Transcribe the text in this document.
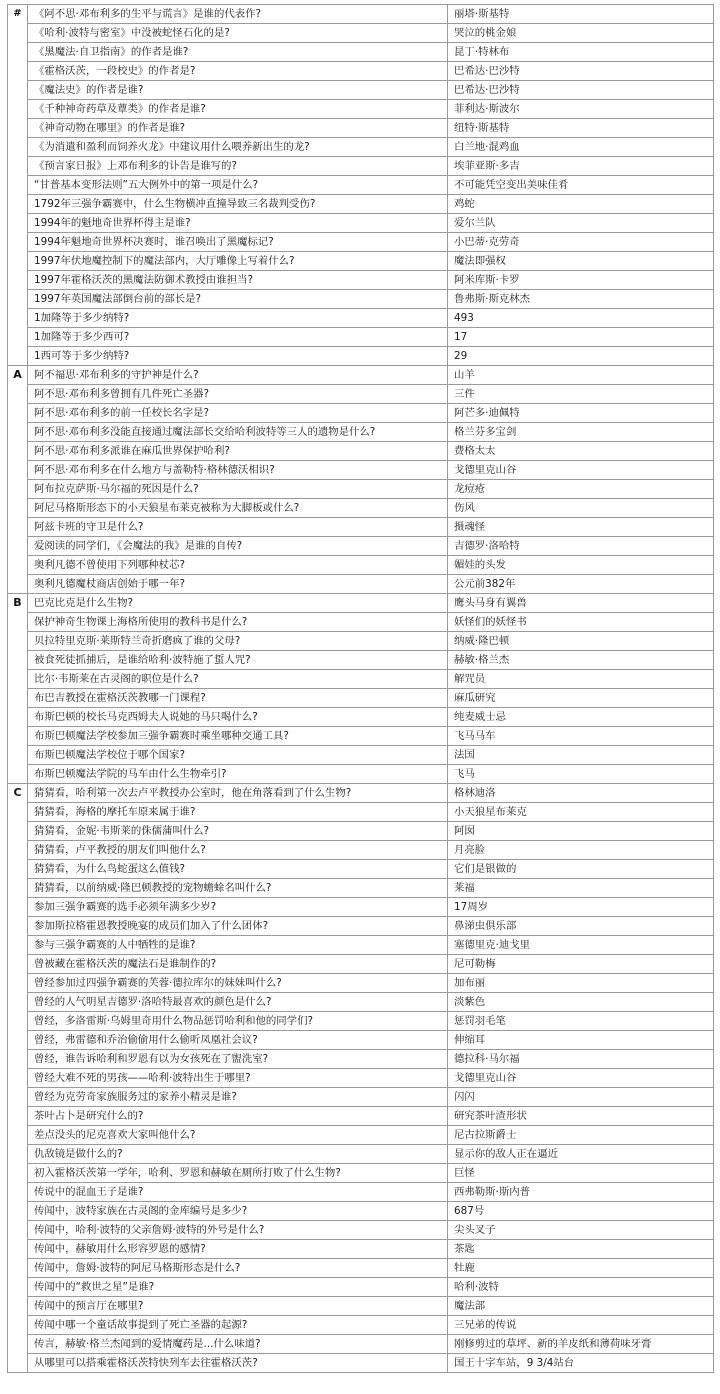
#	《阿不思·邓布利多的生平与谎言》是谁的代表作?	丽塔·斯基特
	《哈利·波特与密室》中没被蛇怪石化的是?	哭泣的桃金娘
	《黑魔法·自卫指南》的作者是谁?	昆丁·特林布
	《霍格沃茨，一段校史》的作者是?	巴希达·巴沙特
	《魔法史》的作者是谁?	巴希达·巴沙特
	《千种神奇药草及蕈类》的作者是谁?	菲利达·斯波尔
	《神奇动物在哪里》的作者是谁?	纽特·斯基特
	《为消遣和盈利而饲养火龙》中建议用什么喂养新出生的龙?	白兰地·混鸡血
	《预言家日报》上邓布利多的讣告是谁写的?	埃菲亚斯·多吉
	“甘普基本变形法则”五大例外中的第一项是什么?	不可能凭空变出美味佳肴
	1792年三强争霸赛中，什么生物横冲直撞导致三名裁判受伤?	鸡蛇
	1994年的魁地奇世界杯得主是谁?	爱尔兰队
	1994年魁地奇世界杯决赛时，谁召唤出了黑魔标记?	小巴蒂·克劳奇
	1997年伏地魔控制下的魔法部内，大厅雕像上写着什么?	魔法即强权
	1997年霍格沃茨的黑魔法防御术教授由谁担当?	阿米库斯·卡罗
	1997年英国魔法部倒台前的部长是?	鲁弗斯·斯克林杰
	1加隆等于多少纳特?	493
	1加隆等于多少西可?	17
	1西可等于多少纳特?	29
A	阿不福思·邓布利多的守护神是什么?	山羊
	阿不思·邓布利多曾拥有几件死亡圣器?	三件
	阿不思·邓布利多的前一任校长名字是?	阿芒多·迪佩特
	阿不思·邓布利多没能直接通过魔法部长交给哈利波特等三人的遗物是什么?	格兰芬多宝剑
	阿不思·邓布利多派谁在麻瓜世界保护哈利?	费格太太
	阿不思·邓布利多在什么地方与盖勒特·格林德沃相识?	戈德里克山谷
	阿布拉克萨斯·马尔福的死因是什么?	龙痘疮
	阿尼马格斯形态下的小天狼星布莱克被称为大脚板或什么?	伤风
	阿兹卡班的守卫是什么?	摄魂怪
	爱阅读的同学们，《会魔法的我》是谁的自传?	吉德罗·洛哈特
	奥利凡德不曾使用下列哪种杖芯?	媚娃的头发
	奥利凡德魔杖商店创始于哪一年?	公元前382年
B	巴克比克是什么生物?	鹰头马身有翼兽
	保护神奇生物课上海格所使用的教科书是什么?	妖怪们的妖怪书
	贝拉特里克斯·莱斯特兰奇折磨疯了谁的父母?	纳威·隆巴顿
	被食死徒抓捕后，是谁给哈利·波特施了蜇人咒?	赫敏·格兰杰
	比尔·韦斯莱在古灵阁的职位是什么?	解咒员
	布巴吉教授在霍格沃茨教哪一门课程?	麻瓜研究
	布斯巴顿的校长马克西姆夫人说她的马只喝什么?	纯麦威士忌
	布斯巴顿魔法学校参加三强争霸赛时乘坐哪种交通工具?	飞马马车
	布斯巴顿魔法学校位于哪个国家?	法国
	布斯巴顿魔法学院的马车由什么生物牵引?	飞马
C	猜猜看，哈利第一次去卢平教授办公室时，他在角落看到了什么生物?	格林迪洛
	猜猜看，海格的摩托车原来属于谁?	小天狼星布莱克
	猜猜看，金妮·韦斯莱的侏儒蒲叫什么?	阿囡
	猜猜看，卢平教授的朋友们叫他什么?	月亮脸
	猜猜看，为什么鸟蛇蛋这么值钱?	它们是银做的
	猜猜看，以前纳威·隆巴顿教授的宠物蟾蜍名叫什么?	莱福
	参加三强争霸赛的选手必须年满多少岁?	17周岁
	参加斯拉格霍恩教授晚宴的成员们加入了什么团体?	鼻涕虫俱乐部
	参与三强争霸赛的人中牺牲的是谁?	塞德里克·迪戈里
	曾被藏在霍格沃茨的魔法石是谁制作的?	尼可勒梅
	曾经参加过四强争霸赛的芙蓉·德拉库尔的妹妹叫什么?	加布丽
	曾经的人气明星吉德罗·洛哈特最喜欢的颜色是什么?	淡紫色
	曾经，多洛雷斯·乌姆里奇用什么物品惩罚哈利和他的同学们?	惩罚羽毛笔
	曾经，弗雷德和乔治偷偷用什么偷听凤凰社会议?	伸缩耳
	曾经，谁告诉哈利和罗恩有以为女孩死在了盥洗室?	德拉科·马尔福
	曾经大难不死的男孩——哈利·波特出生于哪里?	戈德里克山谷
	曾经为克劳奇家族服务过的家养小精灵是谁?	闪闪
	茶叶占卜是研究什么的?	研究茶叶渣形状
	差点没头的尼克喜欢大家叫他什么?	尼古拉斯爵士
	仇敌镜是做什么的?	显示你的敌人正在逼近
	初入霍格沃茨第一学年，哈利、罗恩和赫敏在厕所打败了什么生物?	巨怪
	传说中的混血王子是谁?	西弗勒斯·斯内普
	传闻中，波特家族在古灵阁的金库编号是多少?	687号
	传闻中，哈利·波特的父亲詹姆·波特的外号是什么?	尖头叉子
	传闻中，赫敏用什么形容罗恩的感情?	茶匙
	传闻中，詹姆·波特的阿尼马格斯形态是什么?	牡鹿
	传闻中的“救世之星”是谁?	哈利·波特
	传闻中的预言厅在哪里?	魔法部
	传闻中哪一个童话故事提到了死亡圣器的起源?	三兄弟的传说
	传言，赫敏·格兰杰闻到的爱情魔药是...什么味道?	刚修剪过的草坪、新的羊皮纸和薄荷味牙膏
	从哪里可以搭乘霍格沃茨特快列车去往霍格沃茨?	国王十字车站，9 3/4站台
